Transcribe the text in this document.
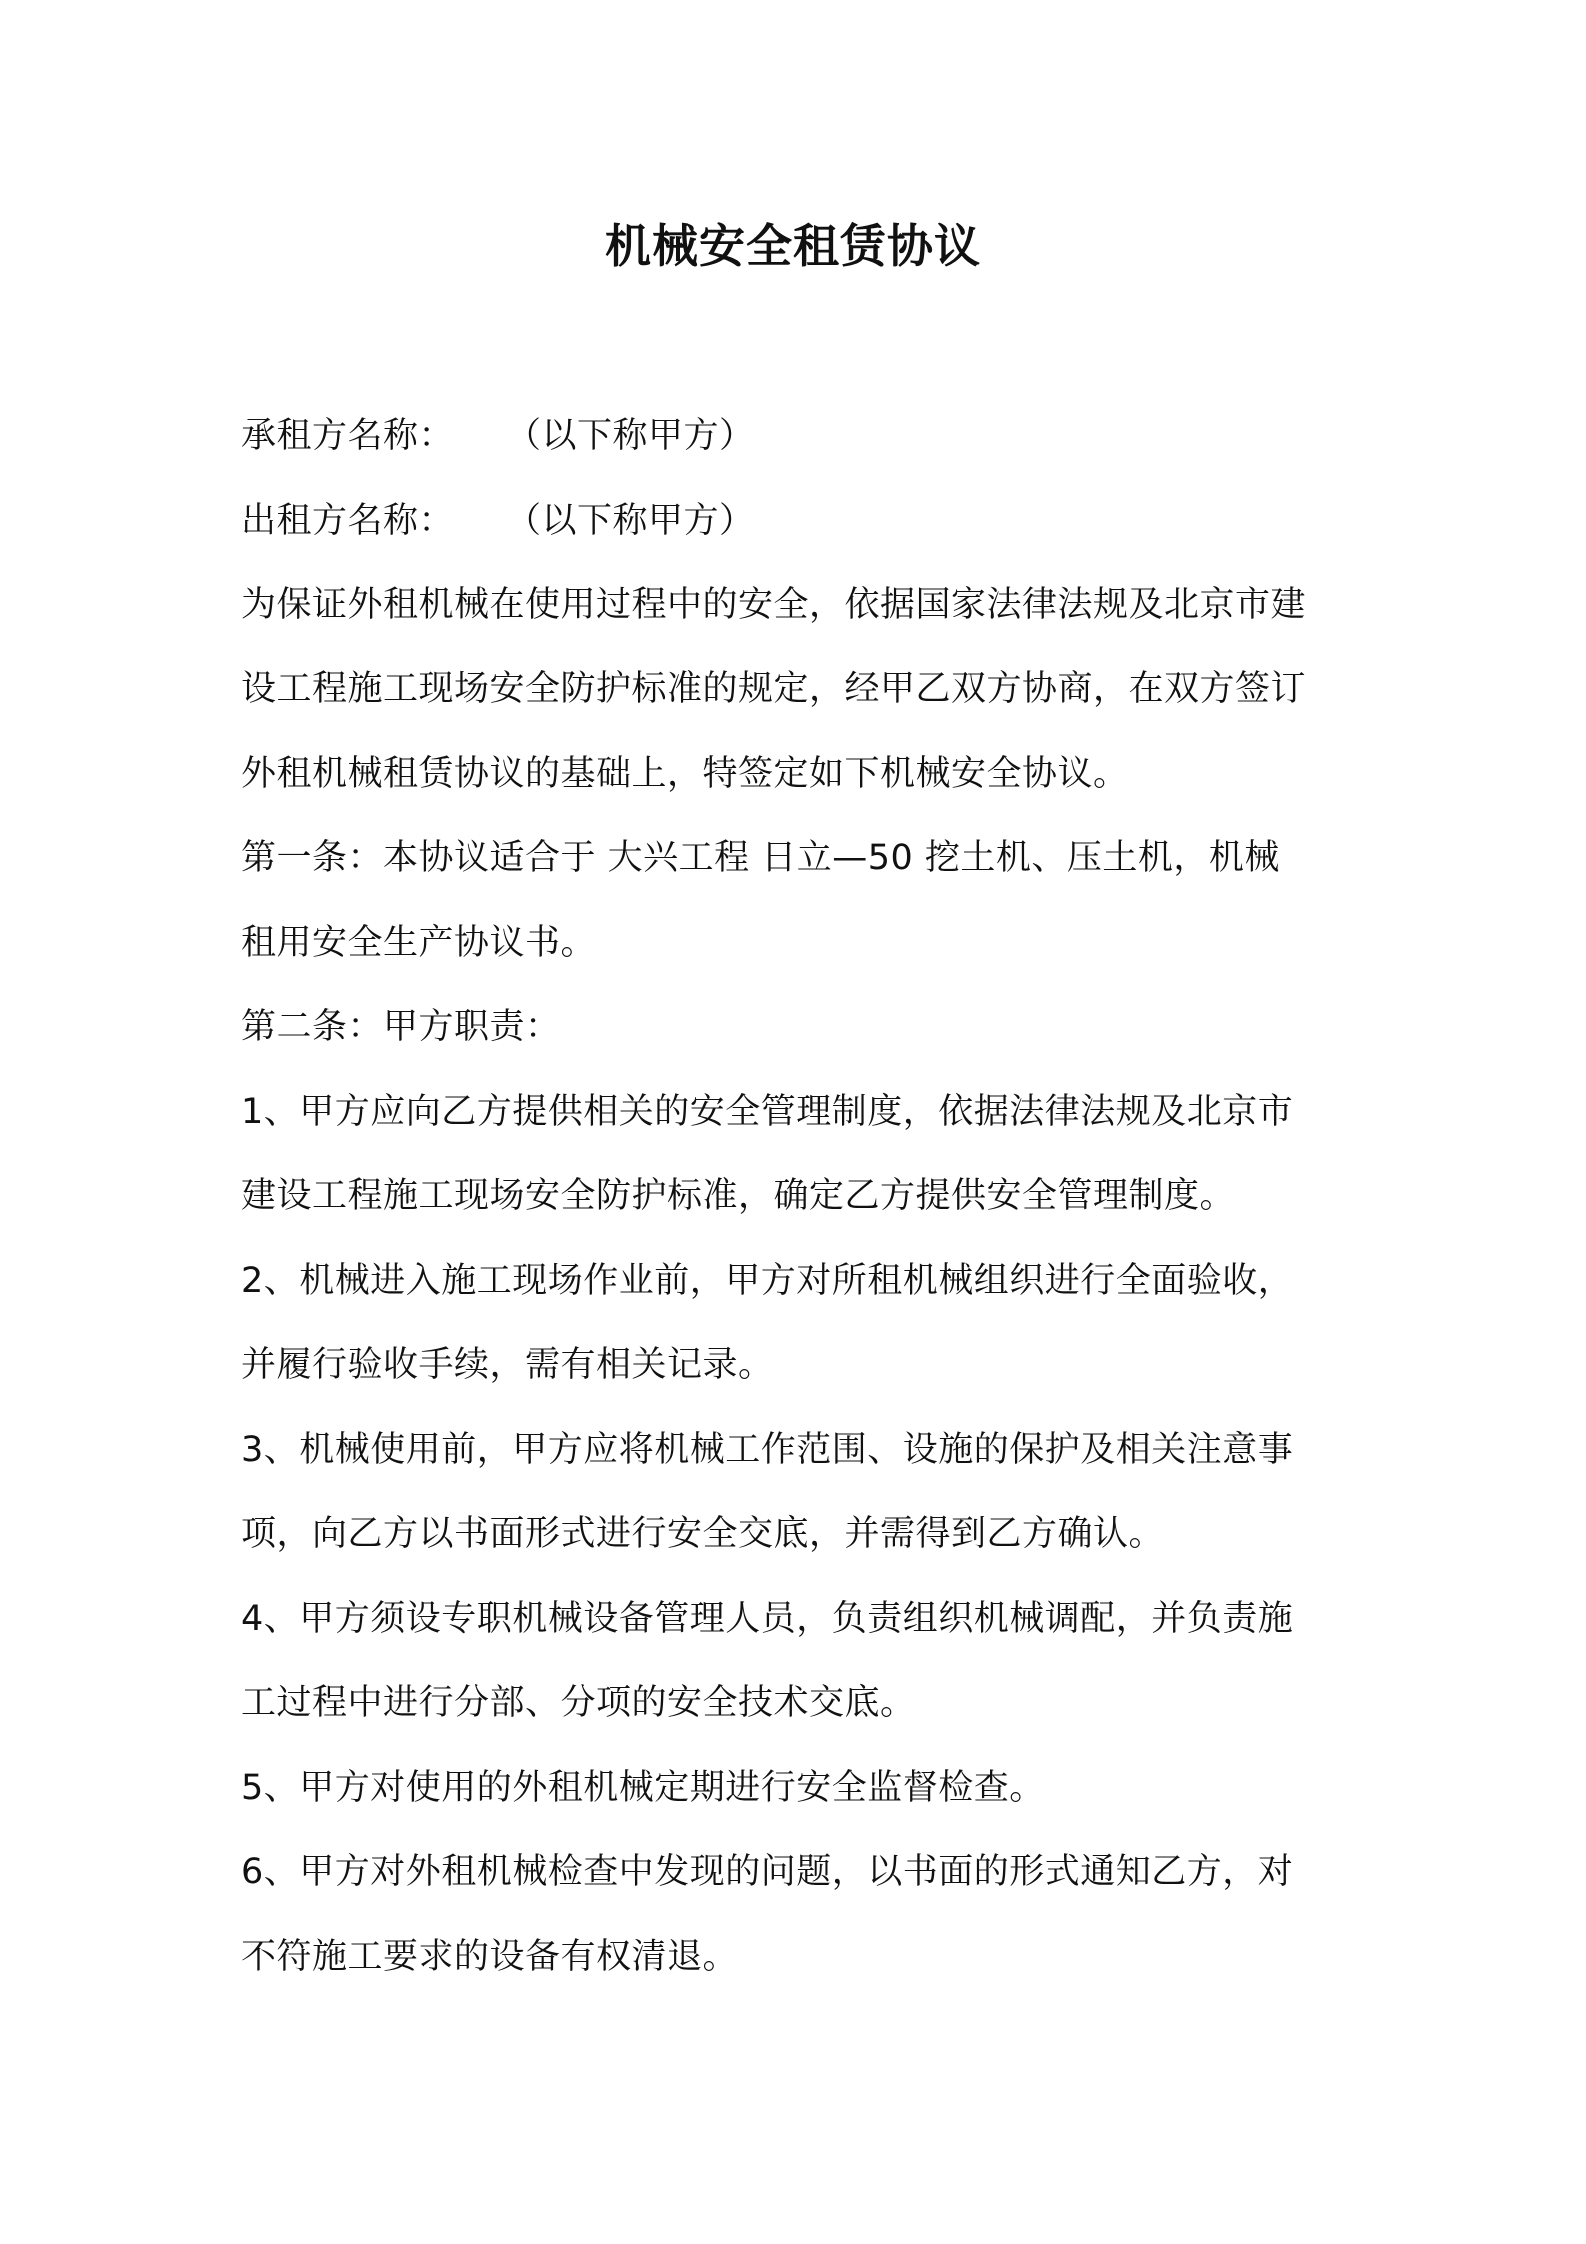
机械安全租赁协议

承租方名称： （以下称甲方）

出租方名称： （以下称甲方）

为保证外租机械在使用过程中的安全，依据国家法律法规及北京市建

设工程施工现场安全防护标准的规定，经甲乙双方协商，在双方签订

外租机械租赁协议的基础上，特签定如下机械安全协议。

第一条：本协议适合于 大兴工程 日立—50 挖土机、压土机，机械

租用安全生产协议书。

第二条：甲方职责：

1、甲方应向乙方提供相关的安全管理制度，依据法律法规及北京市

建设工程施工现场安全防护标准，确定乙方提供安全管理制度。

2、机械进入施工现场作业前，甲方对所租机械组织进行全面验收，

并履行验收手续，需有相关记录。

3、机械使用前，甲方应将机械工作范围、设施的保护及相关注意事

项，向乙方以书面形式进行安全交底，并需得到乙方确认。

4、甲方须设专职机械设备管理人员，负责组织机械调配，并负责施

工过程中进行分部、分项的安全技术交底。

5、甲方对使用的外租机械定期进行安全监督检查。

6、甲方对外租机械检查中发现的问题，以书面的形式通知乙方，对

不符施工要求的设备有权清退。
